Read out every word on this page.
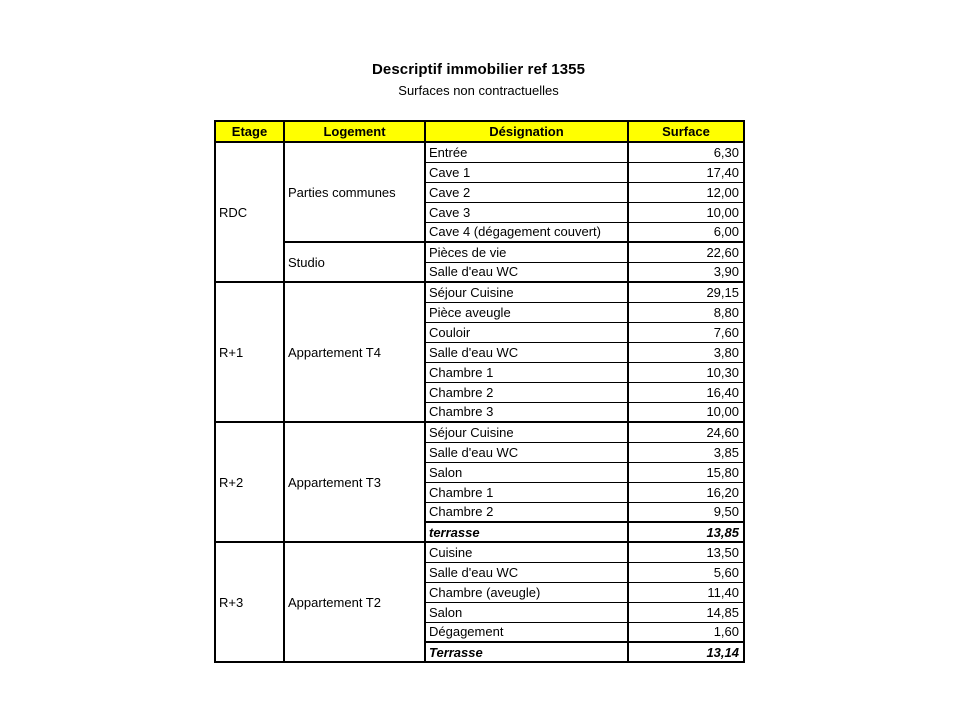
Descriptif immobilier ref 1355
Surfaces non contractuelles
Etage	Logement	Désignation	Surface
RDC	Parties communes	Entrée	6,30
		Cave 1	17,40
		Cave 2	12,00
		Cave 3	10,00
		Cave 4 (dégagement couvert)	6,00
	Studio	Pièces de vie	22,60
		Salle d'eau WC	3,90
R+1	Appartement T4	Séjour Cuisine	29,15
		Pièce aveugle	8,80
		Couloir	7,60
		Salle d'eau WC	3,80
		Chambre 1	10,30
		Chambre 2	16,40
		Chambre 3	10,00
R+2	Appartement T3	Séjour Cuisine	24,60
		Salle d'eau WC	3,85
		Salon	15,80
		Chambre 1	16,20
		Chambre 2	9,50
		terrasse	13,85
R+3	Appartement T2	Cuisine	13,50
		Salle d'eau WC	5,60
		Chambre (aveugle)	11,40
		Salon	14,85
		Dégagement	1,60
		Terrasse	13,14
